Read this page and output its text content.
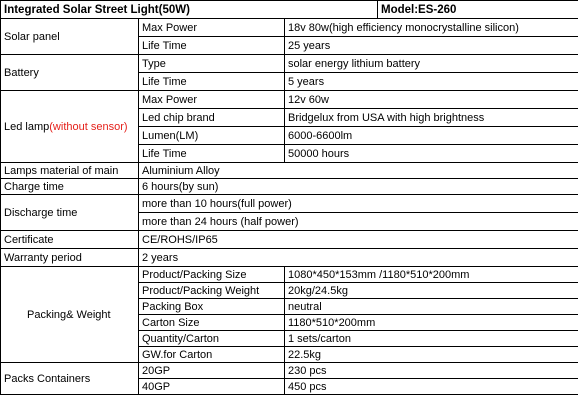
Integrated Solar Street Light(50W)			Model:ES-260
Solar panel	Max Power	18v 80w(high efficiency monocrystalline silicon)	
	Life Time	25 years	
Battery	Type	solar energy lithium battery	
	Life Time	5 years	
Led lamp(without sensor)	Max Power	12v 60w	
	Led chip brand	Bridgelux from USA with high brightness	
	Lumen(LM)	6000-6600lm	
	Life Time	50000 hours	
Lamps material of main	Aluminium Alloy		
Charge time	6 hours(by sun)		
Discharge time	more than 10 hours(full power)		
	more than 24 hours (half power)		
Certificate	CE/ROHS/IP65		
Warranty period	2 years		
Packing& Weight	Product/Packing Size	1080*450*153mm /1180*510*200mm	
	Product/Packing Weight	20kg/24.5kg	
	Packing Box	neutral	
	Carton Size	1180*510*200mm	
	Quantity/Carton	1 sets/carton	
	GW.for Carton	22.5kg	
Packs Containers	20GP	230 pcs	
	40GP	450 pcs	
